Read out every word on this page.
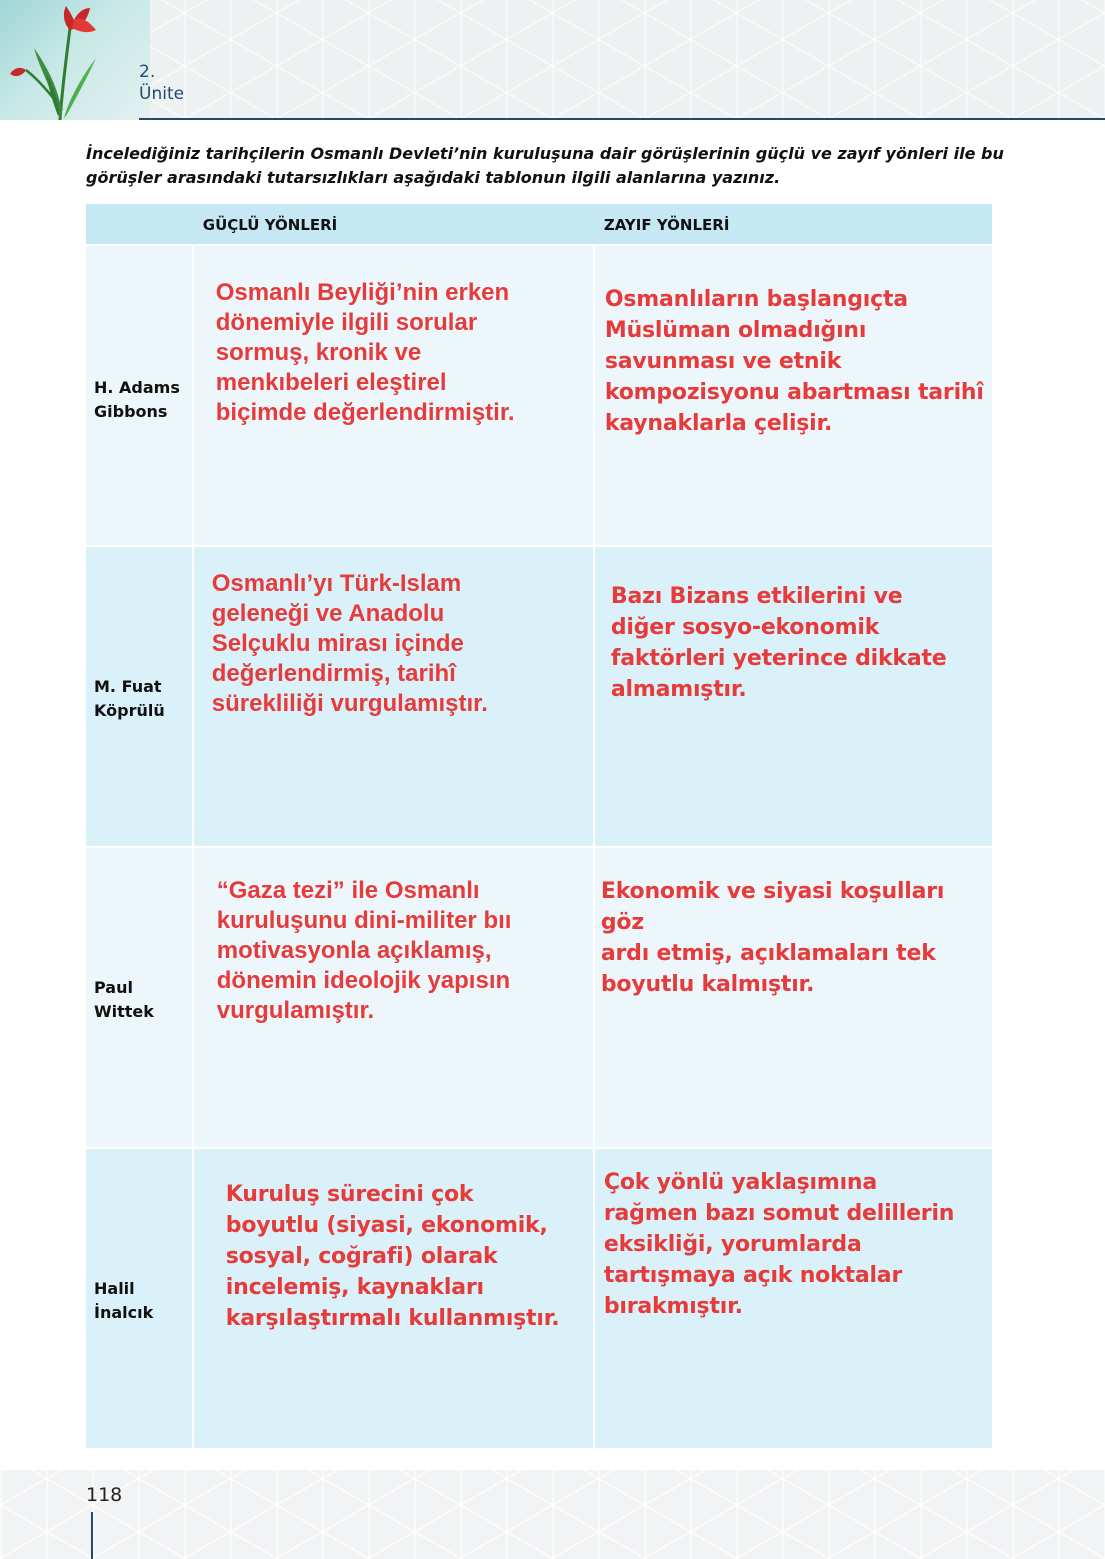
2.
Ünite
İncelediğiniz tarihçilerin Osmanlı Devleti’nin kuruluşuna dair görüşlerinin güçlü ve zayıf yönleri ile bu görüşler arasındaki tutarsızlıkları aşağıdaki tablonun ilgili alanlarına yazınız.
GÜÇLÜ YÖNLERİ	ZAYIF YÖNLERİ
H. Adams
Gibbons
Osmanlı Beyliği’nin erken
dönemiyle ilgili sorular
sormuş, kronik ve
menkıbeleri eleştirel
biçimde değerlendirmiştir.
Osmanlıların başlangıçta
Müslüman olmadığını
savunması ve etnik
kompozisyonu abartması tarihî
kaynaklarla çelişir.
M. Fuat
Köprülü
Osmanlı’yı Türk-Islam
geleneği ve Anadolu
Selçuklu mirası içinde
değerlendirmiş, tarihî
sürekliliği vurgulamıştır.
Bazı Bizans etkilerini ve
diğer sosyo-ekonomik
faktörleri yeterince dikkate
almamıştır.
Paul
Wittek
“Gaza tezi” ile Osmanlı
kuruluşunu dini-militer bıı
motivasyonla açıklamış,
dönemin ideolojik yapısın
vurgulamıştır.
Ekonomik ve siyasi koşulları göz
ardı etmiş, açıklamaları tek
boyutlu kalmıştır.
Halil
İnalcık
Kuruluş sürecini çok
boyutlu (siyasi, ekonomik,
sosyal, coğrafi) olarak
incelemiş, kaynakları
karşılaştırmalı kullanmıştır.
Çok yönlü yaklaşımına
rağmen bazı somut delillerin
eksikliği, yorumlarda
tartışmaya açık noktalar
bırakmıştır.
118
